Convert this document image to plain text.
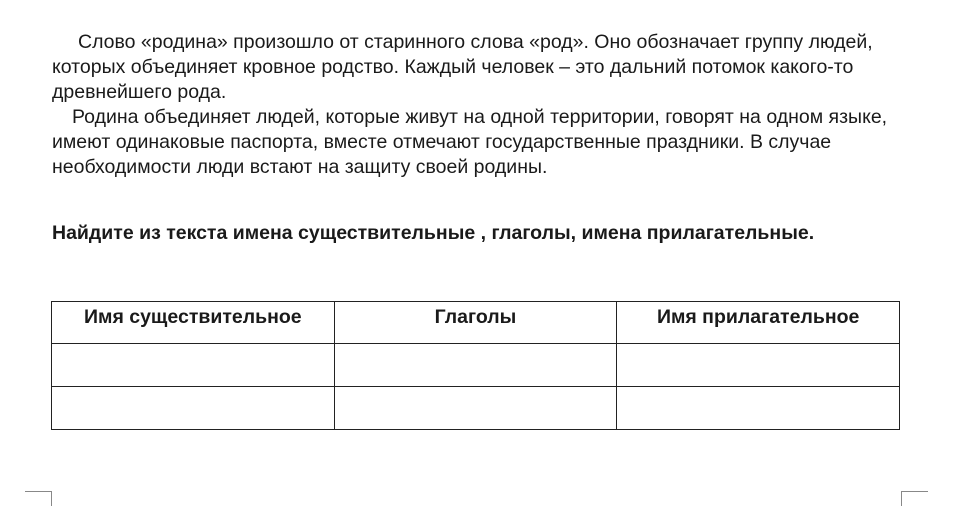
Слово «родина» произошло от старинного слова «род». Оно обозначает группу людей, которых объединяет кровное родство. Каждый человек – это дальний потомок какого-то древнейшего рода.

Родина объединяет людей, которые живут на одной территории, говорят на одном языке, имеют одинаковые паспорта, вместе отмечают государственные праздники. В случае необходимости люди встают на защиту своей родины.

Найдите из текста имена существительные , глаголы, имена прилагательные.
Имя существительное	Глаголы	Имя прилагательное
